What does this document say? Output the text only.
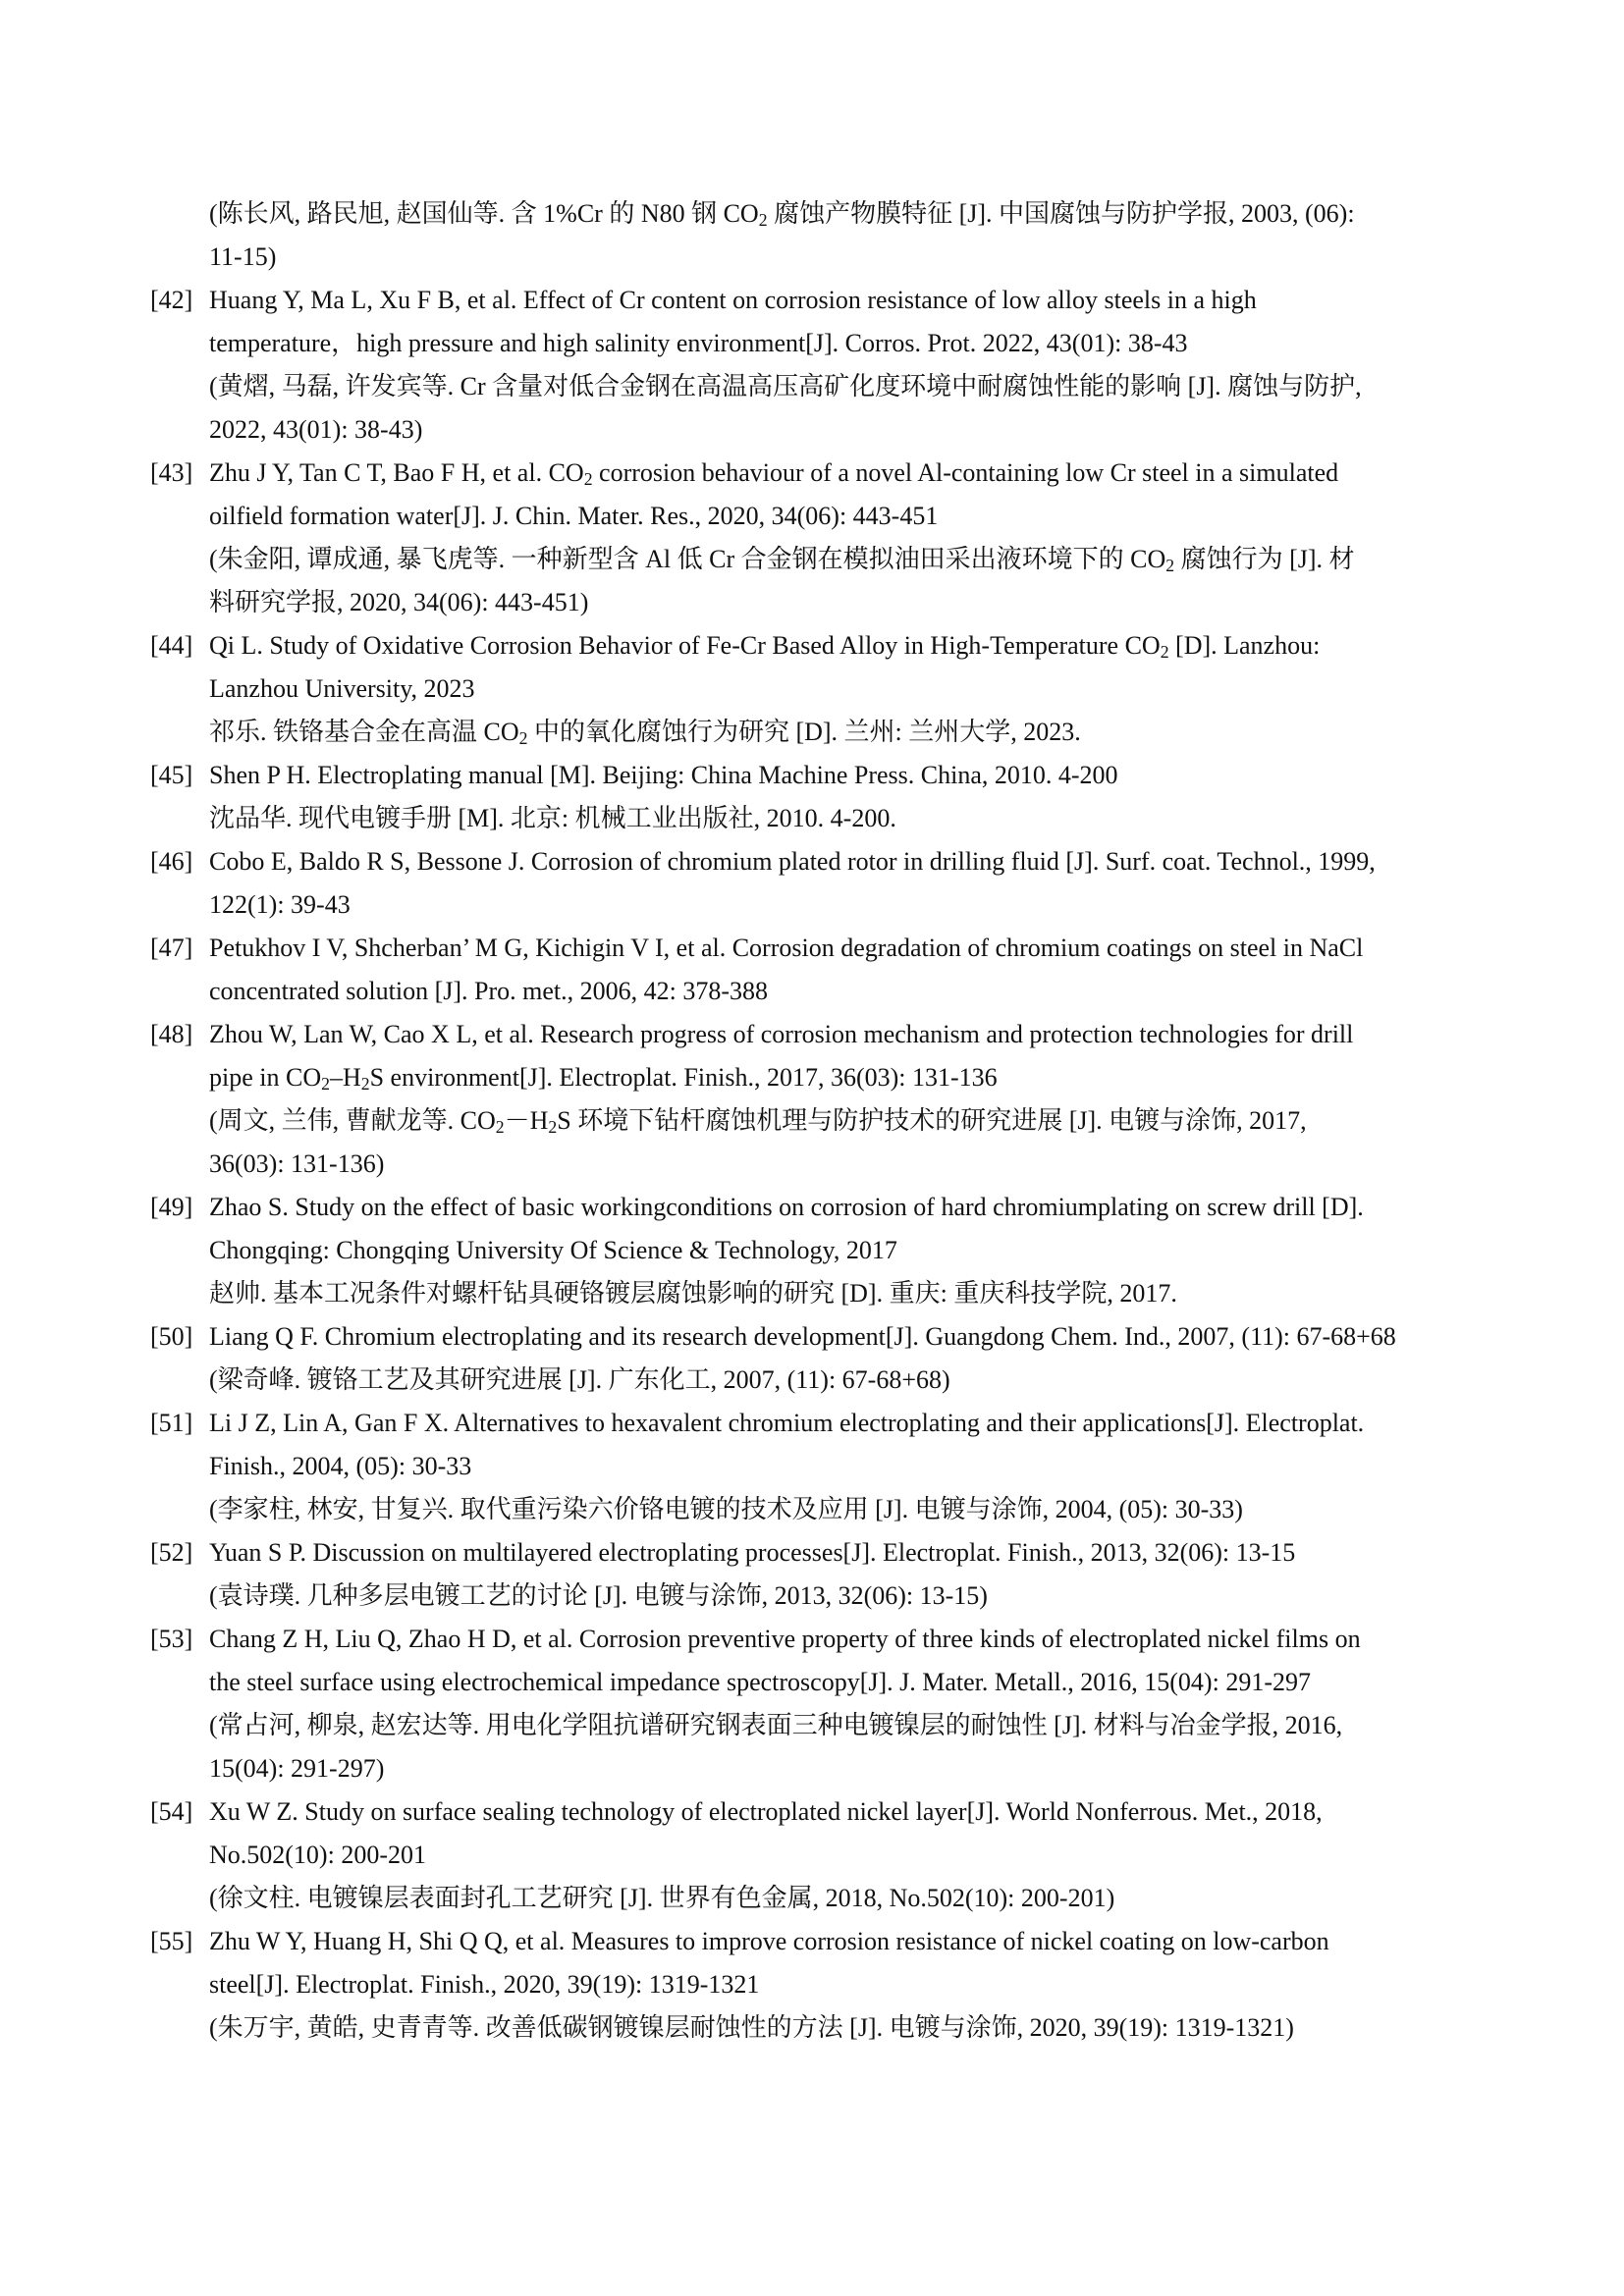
(陈长风, 路民旭, 赵国仙等. 含 1%Cr 的 N80 钢 $CO_2$ 腐蚀产物膜特征 [J]. 中国腐蚀与防护学报, 2003, (06):
11-15)
[42] Huang Y, Ma L, Xu F B, et al. Effect of Cr content on corrosion resistance of low alloy steels in a high
temperature，high pressure and high salinity environment[J]. Corros. Prot. 2022, 43(01): 38-43
(黄熠, 马磊, 许发宾等. Cr 含量对低合金钢在高温高压高矿化度环境中耐腐蚀性能的影响 [J]. 腐蚀与防护,
2022, 43(01): 38-43)
[43] Zhu J Y, Tan C T, Bao F H, et al. $CO_2$ corrosion behaviour of a novel Al-containing low Cr steel in a simulated
oilfield formation water[J]. J. Chin. Mater. Res., 2020, 34(06): 443-451
(朱金阳, 谭成通, 暴飞虎等. 一种新型含 Al 低 Cr 合金钢在模拟油田采出液环境下的 $CO_2$ 腐蚀行为 [J]. 材
料研究学报, 2020, 34(06): 443-451)
[44] Qi L. Study of Oxidative Corrosion Behavior of Fe-Cr Based Alloy in High-Temperature $CO_2$ [D]. Lanzhou:
Lanzhou University, 2023
祁乐. 铁铬基合金在高温 $CO_2$ 中的氧化腐蚀行为研究 [D]. 兰州: 兰州大学, 2023.
[45] Shen P H. Electroplating manual [M]. Beijing: China Machine Press. China, 2010. 4-200
沈品华. 现代电镀手册 [M]. 北京: 机械工业出版社, 2010. 4-200.
[46] Cobo E, Baldo R S, Bessone J. Corrosion of chromium plated rotor in drilling fluid [J]. Surf. coat. Technol., 1999,
122(1): 39-43
[47] Petukhov I V, Shcherban’ M G, Kichigin V I, et al. Corrosion degradation of chromium coatings on steel in NaCl
concentrated solution [J]. Pro. met., 2006, 42: 378-388
[48] Zhou W, Lan W, Cao X L, et al. Research progress of corrosion mechanism and protection technologies for drill
pipe in $CO_2-H_2S$ environment[J]. Electroplat. Finish., 2017, 36(03): 131-136
(周文, 兰伟, 曹献龙等. $CO_2-H_2S$ 环境下钻杆腐蚀机理与防护技术的研究进展 [J]. 电镀与涂饰, 2017,
36(03): 131-136)
[49] Zhao S. Study on the effect of basic workingconditions on corrosion of hard chromiumplating on screw drill [D].
Chongqing: Chongqing University Of Science & Technology, 2017
赵帅. 基本工况条件对螺杆钻具硬铬镀层腐蚀影响的研究 [D]. 重庆: 重庆科技学院, 2017.
[50] Liang Q F. Chromium electroplating and its research development[J]. Guangdong Chem. Ind., 2007, (11): 67-68+68
(梁奇峰. 镀铬工艺及其研究进展 [J]. 广东化工, 2007, (11): 67-68+68)
[51] Li J Z, Lin A, Gan F X. Alternatives to hexavalent chromium electroplating and their applications[J]. Electroplat.
Finish., 2004, (05): 30-33
(李家柱, 林安, 甘复兴. 取代重污染六价铬电镀的技术及应用 [J]. 电镀与涂饰, 2004, (05): 30-33)
[52] Yuan S P. Discussion on multilayered electroplating processes[J]. Electroplat. Finish., 2013, 32(06): 13-15
(袁诗璞. 几种多层电镀工艺的讨论 [J]. 电镀与涂饰, 2013, 32(06): 13-15)
[53] Chang Z H, Liu Q, Zhao H D, et al. Corrosion preventive property of three kinds of electroplated nickel films on
the steel surface using electrochemical impedance spectroscopy[J]. J. Mater. Metall., 2016, 15(04): 291-297
(常占河, 柳泉, 赵宏达等. 用电化学阻抗谱研究钢表面三种电镀镍层的耐蚀性 [J]. 材料与冶金学报, 2016,
15(04): 291-297)
[54] Xu W Z. Study on surface sealing technology of electroplated nickel layer[J]. World Nonferrous. Met., 2018,
No.502(10): 200-201
(徐文柱. 电镀镍层表面封孔工艺研究 [J]. 世界有色金属, 2018, No.502(10): 200-201)
[55] Zhu W Y, Huang H, Shi Q Q, et al. Measures to improve corrosion resistance of nickel coating on low-carbon
steel[J]. Electroplat. Finish., 2020, 39(19): 1319-1321
(朱万宇, 黄皓, 史青青等. 改善低碳钢镀镍层耐蚀性的方法 [J]. 电镀与涂饰, 2020, 39(19): 1319-1321)
